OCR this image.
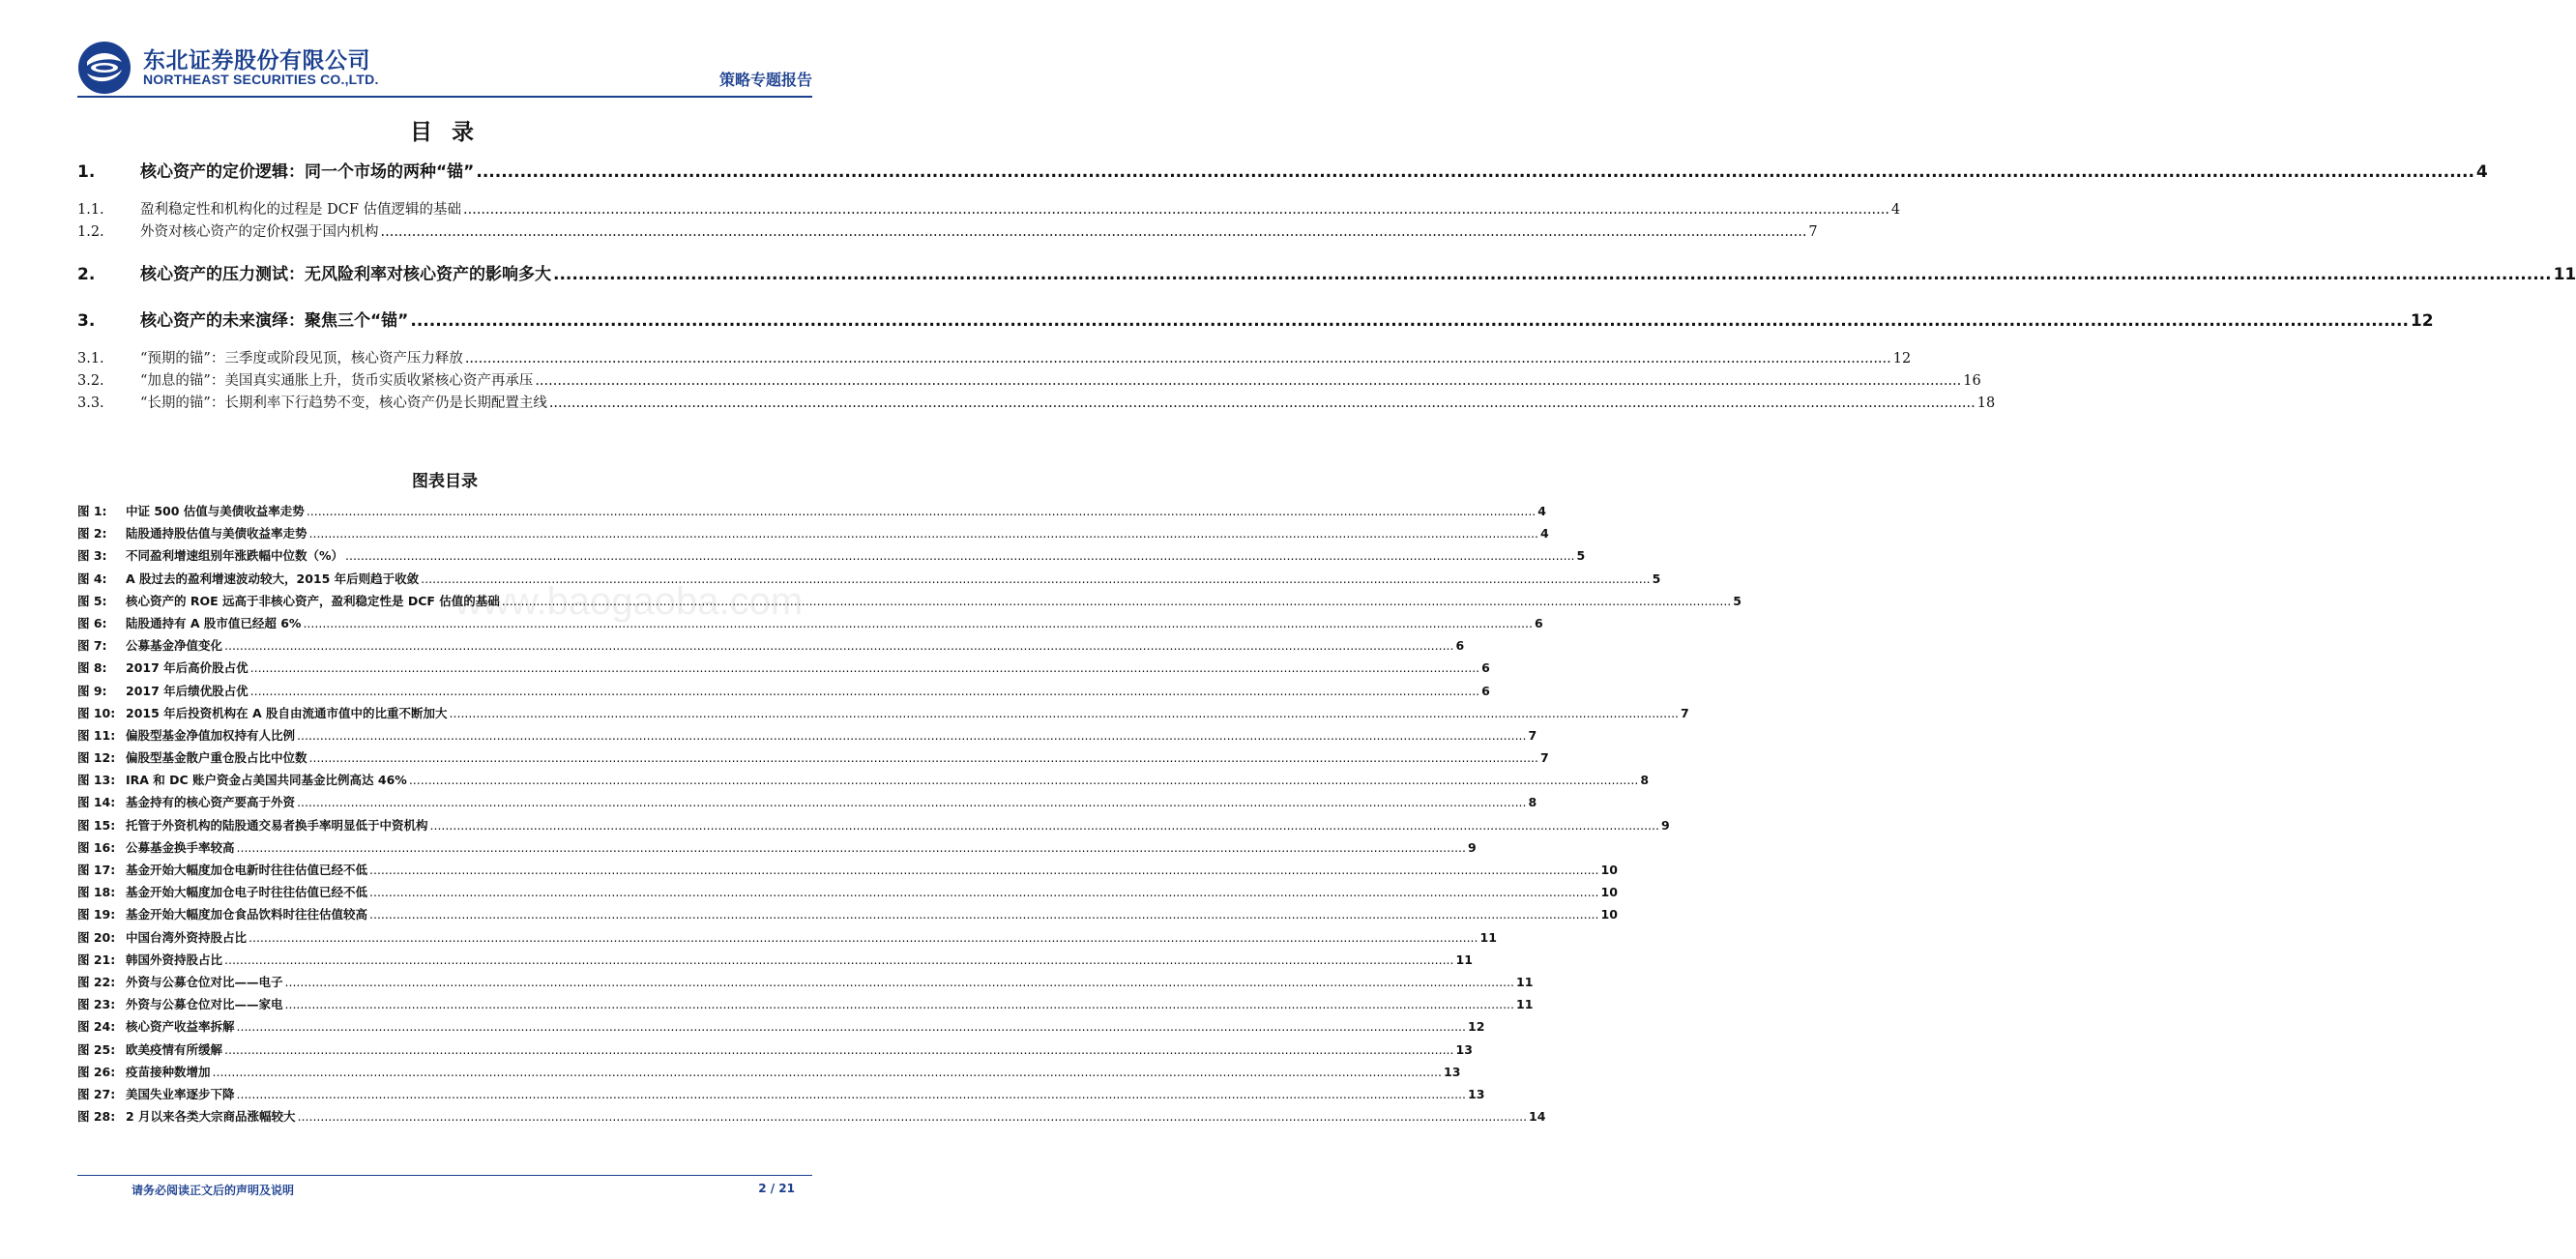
东北证券股份有限公司
NORTHEAST SECURITIES CO.,LTD.	策略专题报告
www.baogaoba.com
目 录
1.	核心资产的定价逻辑：同一个市场的两种“锚” .....	4
1.1.	盈利稳定性和机构化的过程是 DCF 估值逻辑的基础 .....	4
1.2.	外资对核心资产的定价权强于国内机构 .....	7
2.	核心资产的压力测试：无风险利率对核心资产的影响多大 .....	11
3.	核心资产的未来演绎：聚焦三个“锚” .....	12
3.1.	“预期的锚”：三季度或阶段见顶，核心资产压力释放 .....	12
3.2.	“加息的锚”：美国真实通胀上升，货币实质收紧核心资产再承压 .....	16
3.3.	“长期的锚”：长期利率下行趋势不变，核心资产仍是长期配置主线 .....	18
图表目录
图 1:	中证 500 估值与美债收益率走势 .....	4
图 2:	陆股通持股估值与美债收益率走势 .....	4
图 3:	不同盈利增速组别年涨跌幅中位数（%） .....	5
图 4:	A 股过去的盈利增速波动较大，2015 年后则趋于收敛 .....	5
图 5:	核心资产的 ROE 远高于非核心资产，盈利稳定性是 DCF 估值的基础 .....	5
图 6:	陆股通持有 A 股市值已经超 6% .....	6
图 7:	公募基金净值变化 .....	6
图 8:	2017 年后高价股占优 .....	6
图 9:	2017 年后绩优股占优 .....	6
图 10: 2015 年后投资机构在 A 股自由流通市值中的比重不断加大 .....	7
图 11: 偏股型基金净值加权持有人比例 .....	7
图 12: 偏股型基金散户重仓股占比中位数 .....	7
图 13: IRA 和 DC 账户资金占美国共同基金比例高达 46% .....	8
图 14: 基金持有的核心资产要高于外资 .....	8
图 15: 托管于外资机构的陆股通交易者换手率明显低于中资机构 .....	9
图 16: 公募基金换手率较高 .....	9
图 17: 基金开始大幅度加仓电新时往往估值已经不低 .....	10
图 18: 基金开始大幅度加仓电子时往往估值已经不低 .....	10
图 19: 基金开始大幅度加仓食品饮料时往往估值较高 .....	10
图 20: 中国台湾外资持股占比 .....	11
图 21: 韩国外资持股占比 .....	11
图 22: 外资与公募仓位对比——电子 .....	11
图 23: 外资与公募仓位对比——家电 .....	11
图 24: 核心资产收益率拆解 .....	12
图 25: 欧美疫情有所缓解 .....	13
图 26: 疫苗接种数增加 .....	13
图 27: 美国失业率逐步下降 .....	13
图 28: 2 月以来各类大宗商品涨幅较大 .....	14
请务必阅读正文后的声明及说明	2 / 21
